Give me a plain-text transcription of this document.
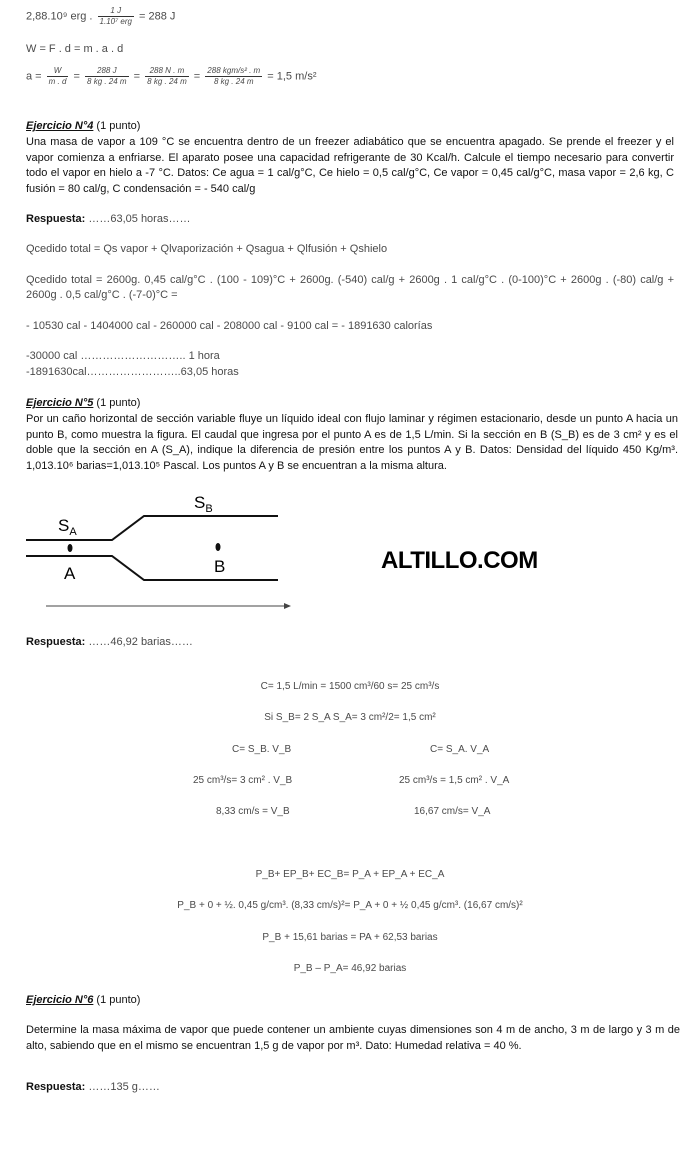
2,88.10⁹ erg . $\frac{1 J}{\text{1.10⁷ erg}} = 288$ J
W = F . d = m . a . d
$a = \frac{W}{m . d} = \frac{288 J}{8 kg . 24 m} = \frac{288 N . m}{8 kg . 24 m} = \frac{\text{288 kgm/s² . m}}{8 kg . 24 m} = 1,5$ m/s²
Ejercicio N°4 (1 punto)
Una masa de vapor a 109 °C se encuentra dentro de un freezer adiabático que se encuentra apagado. Se prende el freezer y el vapor comienza a enfriarse. El aparato posee una capacidad refrigerante de 30 Kcal/h. Calcule el tiempo necesario para convertir todo el vapor en hielo a -7 °C. Datos: Ce agua = 1 cal/g°C, Ce hielo = 0,5 cal/g°C, Ce vapor = 0,45 cal/g°C, masa vapor = 2,6 kg, C fusión = 80 cal/g, C condensación = - 540 cal/g
Respuesta: ……63,05 horas……
Qcedido total = Qs vapor + Qlvaporización + Qsagua + Qlfusión + Qshielo
Qcedido total = 2600g. 0,45 cal/g°C . (100 - 109)°C + 2600g. (-540) cal/g + 2600g . 1 cal/g°C . (0-100)°C + 2600g . (-80) cal/g + 2600g . 0,5 cal/g°C . (-7-0)°C =
- 10530 cal - 1404000 cal - 260000 cal - 208000 cal - 9100 cal = - 1891630 calorías
-30000 cal ……………………….. 1 hora
-1891630cal……………………..63,05 horas
Ejercicio N°5 (1 punto)
Por un caño horizontal de sección variable fluye un líquido ideal con flujo laminar y régimen estacionario, desde un punto A hacia un punto B, como muestra la figura. El caudal que ingresa por el punto A es de 1,5 L/min. Si la sección en B (S_B) es de 3 cm² y es el doble que la sección en A (S_A), indique la diferencia de presión entre los puntos A y B. Datos: Densidad del líquido 450 Kg/m³. 1,013.10⁶ barias=1,013.10⁵ Pascal. Los puntos A y B se encuentran a la misma altura.
$S_B$
$S_A$
A	B	ALTILLO.COM
Respuesta: ……46,92 barias……
C= 1,5 L/min = 1500 cm³/60 s= 25 cm³/s
Si S_B= 2 S_A S_A= 3 cm²/2= 1,5 cm²
C= S_B. V_B	C= S_A. V_A
25 cm³/s= 3 cm² . V_B	25 cm³/s = 1,5 cm² . V_A
8,33 cm/s = V_B	16,67 cm/s= V_A
P_B+ EP_B+ EC_B= P_A + EP_A + EC_A
P_B + 0 + ½. 0,45 g/cm³. (8,33 cm/s)²= P_A + 0 + ½ 0,45 g/cm³. (16,67 cm/s)²
P_B + 15,61 barias = PA + 62,53 barias
P_B – P_A= 46,92 barias
Ejercicio N°6 (1 punto)
Determine la masa máxima de vapor que puede contener un ambiente cuyas dimensiones son 4 m de ancho, 3 m de largo y 3 m de alto, sabiendo que en el mismo se encuentran 1,5 g de vapor por m³. Dato: Humedad relativa = 40 %.
Respuesta: ……135 g……
